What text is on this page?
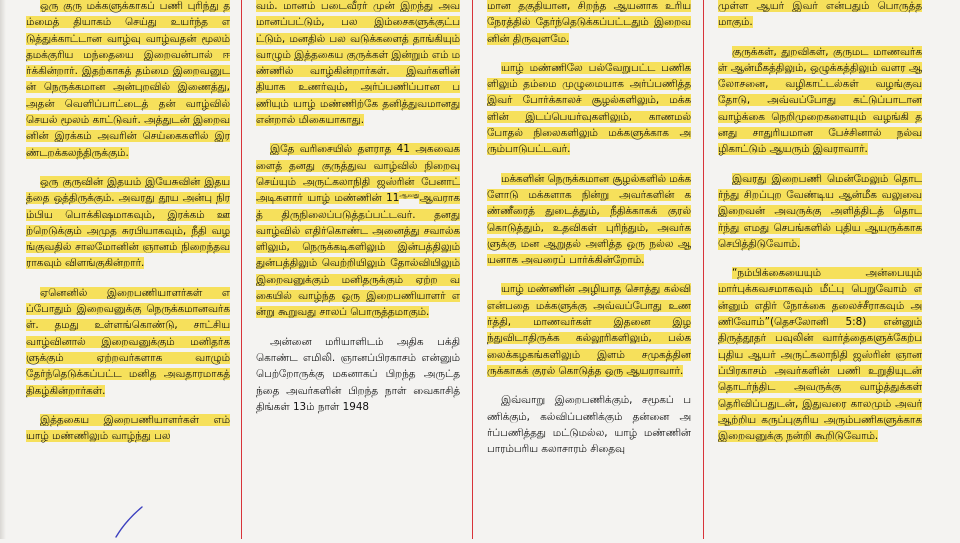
ஒரு குரு மக்களுக்காகப் பணி புரிந்து தம்மைத் தியாகம் செய்து உயர்ந்த எடுத்துக்காட்டான வாழ்வு வாழ்வதன் மூலம் தமக்குரிய மந்தையை இறைவன்பால் ஈர்க்கின்றார். இதற்காகத் தம்மை இறைவனுடன் நெருக்கமான அன்புறவில் இணைத்து, அதன் வெளிப்பாட்டைத் தன் வாழ்வில் செயல் மூலம் காட்டுவர். அத்துடன் இறைவனின் இரக்கம் அவரின் செய்கைகளில் இரண்டறக்கலந்திருக்கும்.

ஒரு குருவின் இதயம் இயேசுவின் இதயத்தை ஒத்திருக்கும். அவரது தூய அன்பு நிரம்பிய பொக்கிஷமாகவும், இரக்கம் ஊற்றெடுக்கும் அமுத சுரபியாகவும், நீதி வழங்குவதில் சாலமோனின் ஞானம் நிறைந்தவராகவும் விளங்குகின்றார்.

ஏனெனில் இறைபணியாளர்கள் எப்போதும் இறைவனுக்கு நெருக்கமானவர்கள். தமது உள்ளங்கொண்டு, சாட்சிய வாழ்வினால் இறைவனுக்கும் மனிதர்களுக்கும் ஏற்றவர்களாக வாழும் தேர்ந்தெடுக்கப்பட்ட மனித அவதாரமாகத் திகழ்கின்றார்கள்.

இத்தகைய இறைபணியாளர்கள் எம் யாழ் மண்ணிலும் வாழ்ந்து பல

வம். மானம் படைவீரர் முன் இறந்து அவமானப்பட்டும், பல இம்சைகளுக்குட்பட்டும், மனதில் பல வடுக்களைத் தாங்கியும் வாழும் இத்தகைய குருக்கள் இன்றும் எம் மண்ணில் வாழ்கின்றார்கள். இவர்களின் தியாக உணர்வும், அர்ப்பணிப்பான பணியும் யாழ் மண்ணிற்கே தனித்துவமானது என்றால் மிகையாகாது.

இதே வரிசையில் தளராத 41 அகவைகளைத் தனது குருத்துவ வாழ்வில் நிறைவு செய்யும் அருட்கலாநிதி ஜஸ்ரின் பேனாட் அடிகளார் யாழ் மண்ணின் $11^{ஆவது}ஆவராகத்$ திருநிலைப்படுத்தப்பட்டவர். தனது வாழ்வில் எதிர்கொண்ட அனைத்து சவால்களிலும், நெருக்கடிகளிலும் இன்பத்திலும் துன்பத்திலும் வெற்றியிலும் தோல்வியிலும் இறைவனுக்கும் மனிதருக்கும் ஏற்ற வகையில் வாழ்ந்த ஒரு இறைபணியாளர் என்று கூறுவது சாலப் பொருத்தமாகும்.

அன்னை மரியாளிடம் அதிக பக்தி கொண்ட எமிலி. ஞானப்பிரகாசம் என்னும் பெற்றோருக்கு மகனாகப் பிறந்த அருட்தந்தை அவர்களின் பிறந்த நாள் வைகாசித் திங்கள் 13ம் நாள் 1948

மான தகுதியான, சிறந்த ஆயனாக உரிய நேரத்தில் தேர்ந்தெடுக்கப்பட்டதும் இறைவனின் திருவுளமே.

யாழ் மண்ணிலே பல்வேறுபட்ட பணிகளிலும் தம்மை முழுமையாக அர்ப்பணித்த இவர் போர்க்காலச் சூழல்களிலும், மக்களின் இடப்பெயர்வுகளிலும், காணமல் போதல் நிலைகளிலும் மக்களுக்காக அரும்பாடுபட்டவர்.

மக்களின் நெருக்கமான சூழல்களில் மக்களோடு மக்களாக நின்று அவர்களின் கண்ணீரைத் துடைத்தும், நீதிக்காகக் குரல் கொடுத்தும், உதவிகள் புரிந்தும், அவர்களுக்கு மன ஆறுதல் அளித்த ஒரு நல்ல ஆயனாக அவரைப் பார்க்கின்றோம்.

யாழ் மண்ணின் அழியாத சொத்து கல்வி என்பதை மக்களுக்கு அவ்வப்போது உணர்த்தி, மாணவர்கள் இதனை இழந்துவிடாதிருக்க கல்லூரிகளிலும், பல்கலைக்கழகங்களிலும் இளம் சமுகத்தினருக்காகக் குரல் கொடுத்த ஒரு ஆயராவார்.

இவ்வாறு இறைபணிக்கும், சமூகப் பணிக்கும், கல்விப்பணிக்கும் தன்னை அர்ப்பணித்தது மட்டுமல்ல, யாழ் மண்ணின் பாரம்பரிய கலாசாரம் சிதைவு

முள்ள ஆயர் இவர் என்பதும் பொருத்தமாகும்.

குருக்கள், துறவிகள், குருமட மாணவர்கள் ஆன்மீகத்திலும், ஒழுக்கத்திலும் வளர ஆலோசனை, வழிகாட்டல்கள் வழங்குவதோடு, அவ்வப்போது கட்டுப்பாடான வாழ்க்கை நெறிமுறைகளையும் வழங்கி தனது சாதுரியமான பேச்சினால் நல்வழிகாட்டும் ஆயரும் இவராவார்.

இவரது இறைபணி மென்மேலும் தொடர்ந்து சிறப்புற வேண்டிய ஆன்மீக வலுவை இறைவன் அவருக்கு அளித்திடத் தொடர்ந்து எமது செபங்களில் புதிய ஆயருக்காக செபித்திடுவோம்.

“நம்பிக்கையையும் அன்பையும் மார்புக்கவசமாகவும் மீட்பு பெறுவோம் என்னும் எதிர் நோக்கை தலைச்சீராகவும் அணிவோம்”(தெசலோனி 5:8) என்னும் திருத்தூதர் பவுலின் வார்த்தைகளுக்கேற்ப புதிய ஆயர் அருட்கலாநிதி ஜஸ்ரின் ஞானப்பிரகாசம் அவர்களின் பணி உறுதியுடன் தொடர்ந்திட அவருக்கு வாழ்த்துக்கள் தெரிவிப்பதுடன், இதுவரை காலமும் அவர் ஆற்றிய கருப்புகுரிய அரும்பணிகளுக்காக இறைவனுக்கு நன்றி கூறிடுவோம்.
